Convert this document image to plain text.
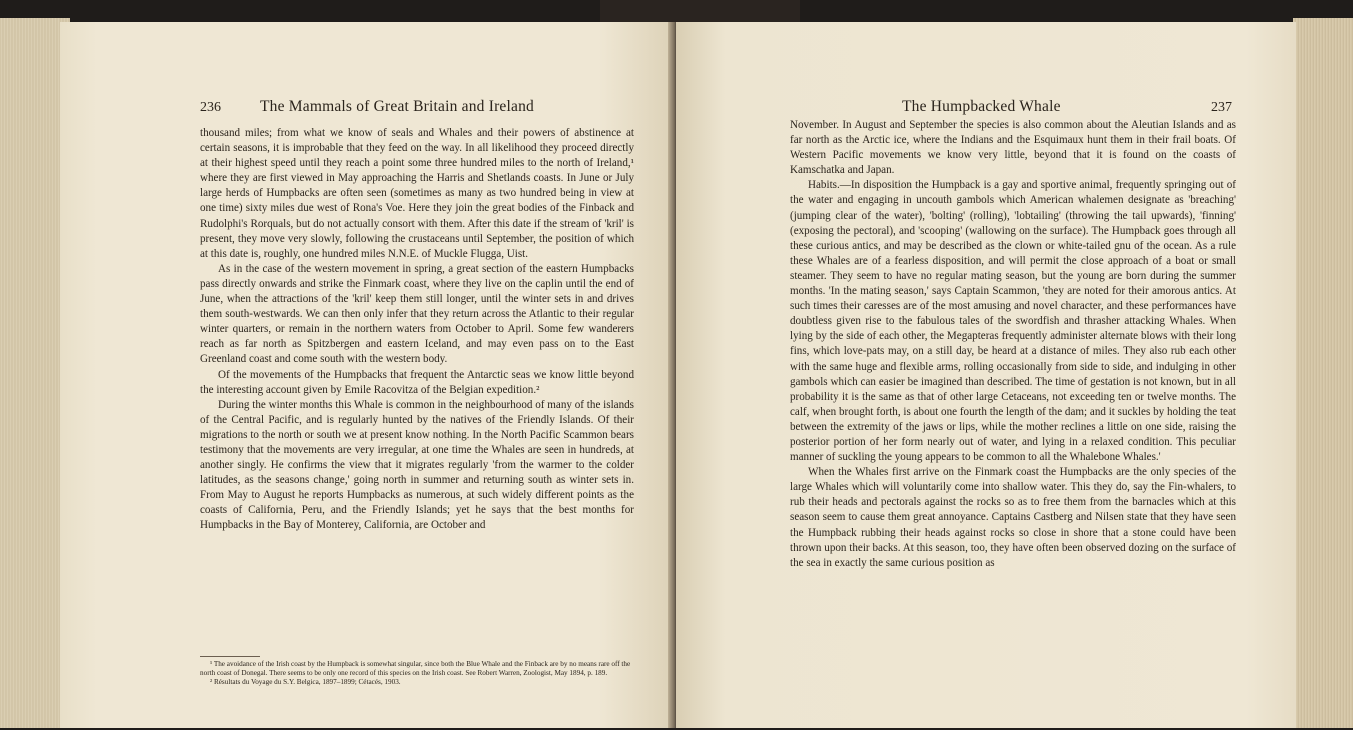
236	The Mammals of Great Britain and Ireland

thousand miles; from what we know of seals and Whales and their powers of abstinence at certain seasons, it is improbable that they feed on the way. In all likelihood they proceed directly at their highest speed until they reach a point some three hundred miles to the north of Ireland,¹ where they are first viewed in May approaching the Harris and Shetlands coasts. In June or July large herds of Humpbacks are often seen (sometimes as many as two hundred being in view at one time) sixty miles due west of Rona's Voe. Here they join the great bodies of the Finback and Rudolphi's Rorquals, but do not actually consort with them. After this date if the stream of 'kril' is present, they move very slowly, following the crustaceans until September, the position of which at this date is, roughly, one hundred miles N.N.E. of Muckle Flugga, Uist.

As in the case of the western movement in spring, a great section of the eastern Humpbacks pass directly onwards and strike the Finmark coast, where they live on the caplin until the end of June, when the attractions of the 'kril' keep them still longer, until the winter sets in and drives them south-westwards. We can then only infer that they return across the Atlantic to their regular winter quarters, or remain in the northern waters from October to April. Some few wanderers reach as far north as Spitzbergen and eastern Iceland, and may even pass on to the East Greenland coast and come south with the western body.

Of the movements of the Humpbacks that frequent the Antarctic seas we know little beyond the interesting account given by Emile Racovitza of the Belgian expedition.²

During the winter months this Whale is common in the neighbourhood of many of the islands of the Central Pacific, and is regularly hunted by the natives of the Friendly Islands. Of their migrations to the north or south we at present know nothing. In the North Pacific Scammon bears testimony that the movements are very irregular, at one time the Whales are seen in hundreds, at another singly. He confirms the view that it migrates regularly 'from the warmer to the colder latitudes, as the seasons change,' going north in summer and returning south as winter sets in. From May to August he reports Humpbacks as numerous, at such widely different points as the coasts of California, Peru, and the Friendly Islands; yet he says that the best months for Humpbacks in the Bay of Monterey, California, are October and

¹ The avoidance of the Irish coast by the Humpback is somewhat singular, since both the Blue Whale and the Finback are by no means rare off the north coast of Donegal. There seems to be only one record of this species on the Irish coast. See Robert Warren, Zoologist, May 1894, p. 189.

² Résultats du Voyage du S.Y. Belgica, 1897–1899; Cétacés, 1903.

The Humpbacked Whale	237

November. In August and September the species is also common about the Aleutian Islands and as far north as the Arctic ice, where the Indians and the Esquimaux hunt them in their frail boats. Of Western Pacific movements we know very little, beyond that it is found on the coasts of Kamschatka and Japan.

Habits.—In disposition the Humpback is a gay and sportive animal, frequently springing out of the water and engaging in uncouth gambols which American whalemen designate as 'breaching' (jumping clear of the water), 'bolting' (rolling), 'lobtailing' (throwing the tail upwards), 'finning' (exposing the pectoral), and 'scooping' (wallowing on the surface). The Humpback goes through all these curious antics, and may be described as the clown or white-tailed gnu of the ocean. As a rule these Whales are of a fearless disposition, and will permit the close approach of a boat or small steamer. They seem to have no regular mating season, but the young are born during the summer months. 'In the mating season,' says Captain Scammon, 'they are noted for their amorous antics. At such times their caresses are of the most amusing and novel character, and these performances have doubtless given rise to the fabulous tales of the swordfish and thrasher attacking Whales. When lying by the side of each other, the Megapteras frequently administer alternate blows with their long fins, which love-pats may, on a still day, be heard at a distance of miles. They also rub each other with the same huge and flexible arms, rolling occasionally from side to side, and indulging in other gambols which can easier be imagined than described. The time of gestation is not known, but in all probability it is the same as that of other large Cetaceans, not exceeding ten or twelve months. The calf, when brought forth, is about one fourth the length of the dam; and it suckles by holding the teat between the extremity of the jaws or lips, while the mother reclines a little on one side, raising the posterior portion of her form nearly out of water, and lying in a relaxed condition. This peculiar manner of suckling the young appears to be common to all the Whalebone Whales.'

When the Whales first arrive on the Finmark coast the Humpbacks are the only species of the large Whales which will voluntarily come into shallow water. This they do, say the Fin-whalers, to rub their heads and pectorals against the rocks so as to free them from the barnacles which at this season seem to cause them great annoyance. Captains Castberg and Nilsen state that they have seen the Humpback rubbing their heads against rocks so close in shore that a stone could have been thrown upon their backs. At this season, too, they have often been observed dozing on the surface of the sea in exactly the same curious position as
